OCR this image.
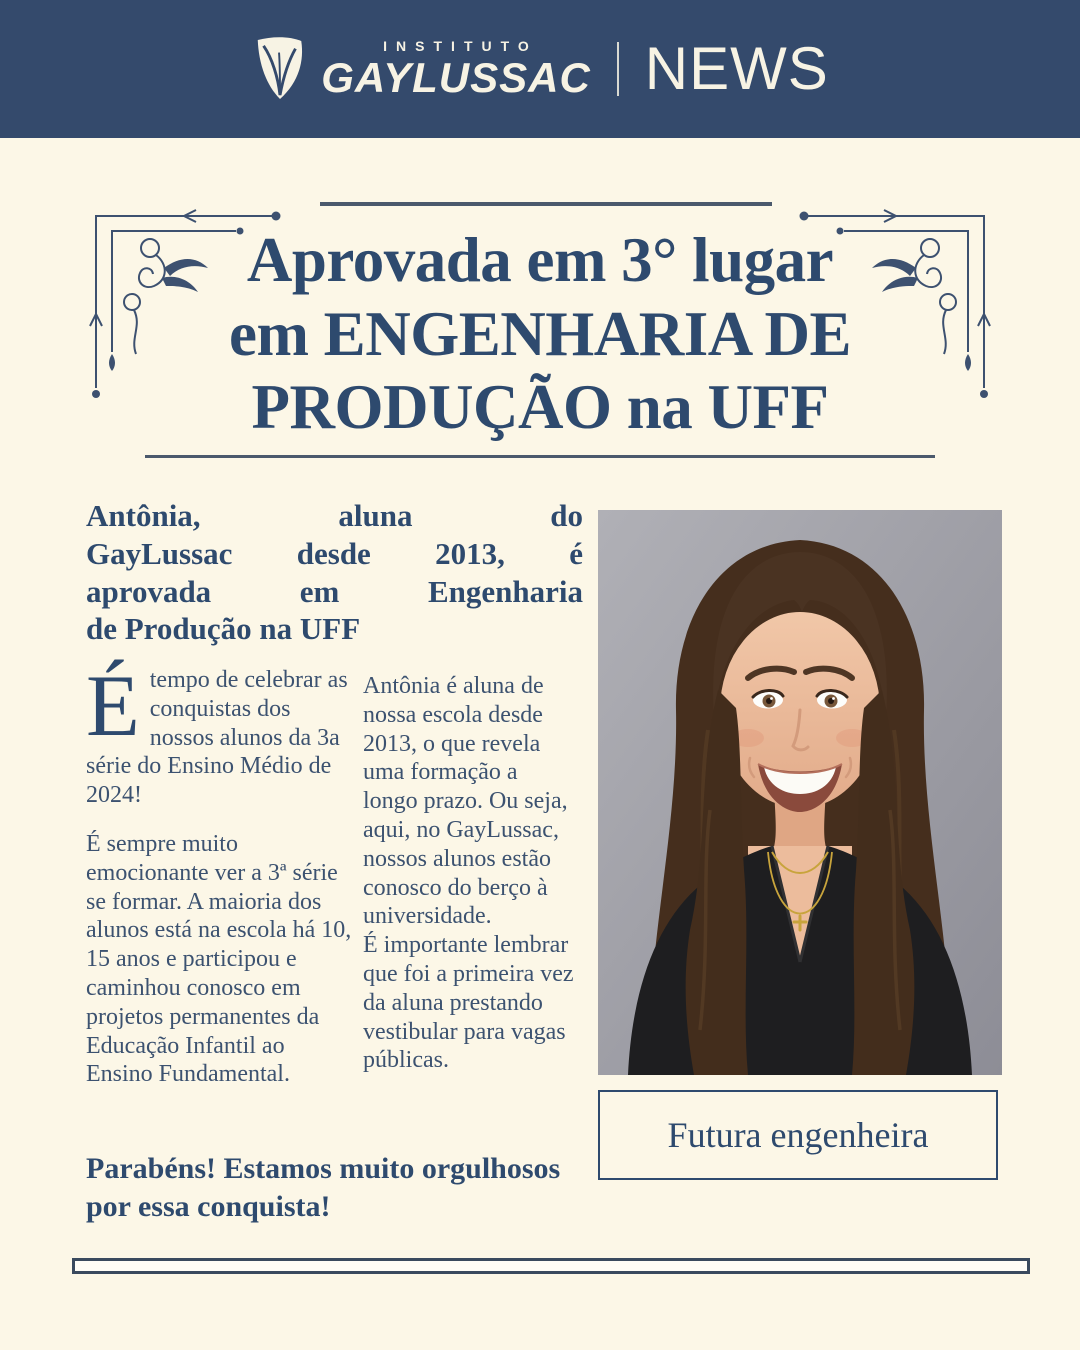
INSTITUTO
GAYLUSSAC NEWS
Aprovada em 3° lugar
em ENGENHARIA DE
PRODUÇÃO na UFF
Antônia, aluna do
GayLussac desde 2013, é
aprovada em Engenharia
de Produção na UFF

Étempo de celebrar as conquistas dos nossos alunos da 3a série do Ensino Médio de 2024!

É sempre muito emocionante ver a 3ª série se formar. A maioria dos alunos está na escola há 10, 15 anos e participou e caminhou conosco em projetos permanentes da Educação Infantil ao Ensino Fundamental.

Antônia é aluna de nossa escola desde 2013, o que revela uma formação a longo prazo. Ou seja, aqui, no GayLussac, nossos alunos estão conosco do berço à universidade.

É importante lembrar que foi a primeira vez da aluna prestando vestibular para vagas públicas.

Parabéns! Estamos muito orgulhosos por essa conquista!

Futura engenheira
